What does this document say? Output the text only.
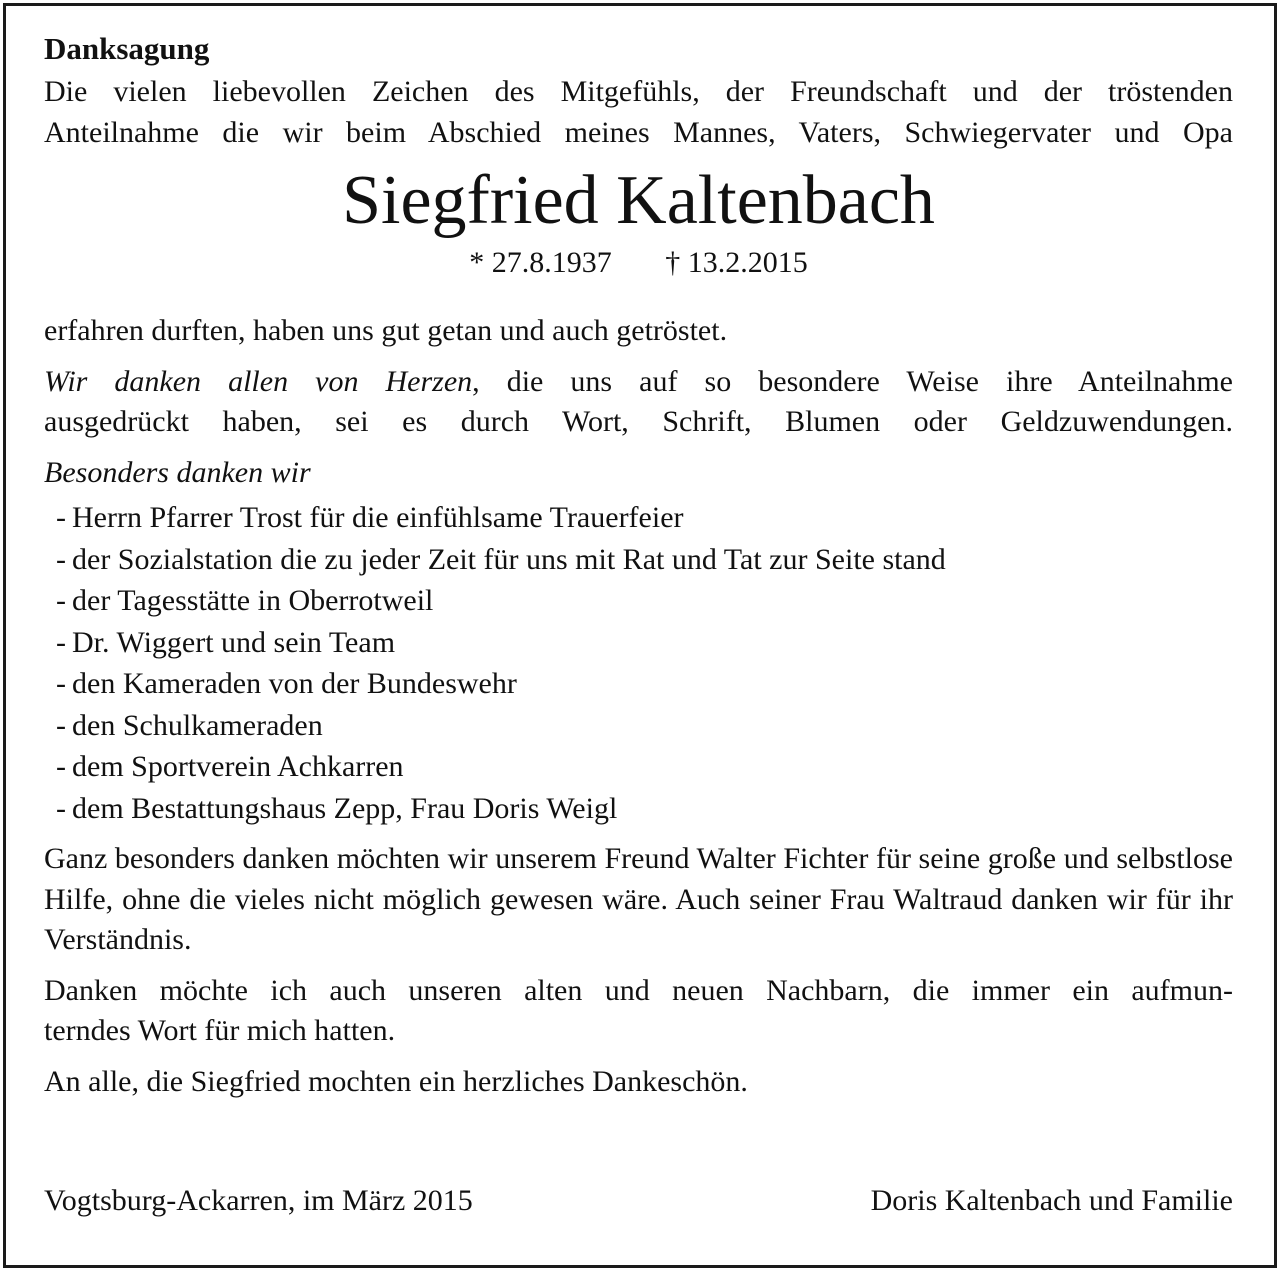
Danksagung

Die vielen liebevollen Zeichen des Mitgefühls, der Freundschaft und der tröstenden

Anteilnahme die wir beim Abschied meines Mannes, Vaters, Schwiegervater und Opa

Siegfried Kaltenbach
* 27.8.1937 † 13.2.2015

erfahren durften, haben uns gut getan und auch getröstet.

Wir danken allen von Herzen, die uns auf so besondere Weise ihre Anteilnahme

ausgedrückt haben, sei es durch Wort, Schrift, Blumen oder Geldzuwendungen.

Besonders danken wir

- Herrn Pfarrer Trost für die einfühlsame Trauerfeier
- der Sozialstation die zu jeder Zeit für uns mit Rat und Tat zur Seite stand
- der Tagesstätte in Oberrotweil
- Dr. Wiggert und sein Team
- den Kameraden von der Bundeswehr
- den Schulkameraden
- dem Sportverein Achkarren
- dem Bestattungshaus Zepp, Frau Doris Weigl

Ganz besonders danken möchten wir unserem Freund Walter Fichter für seine große und selbstlose Hilfe, ohne die vieles nicht möglich gewesen wäre. Auch seiner Frau Waltraud danken wir für ihr Verständnis.

Danken möchte ich auch unseren alten und neuen Nachbarn, die immer ein aufmun-

terndes Wort für mich hatten.

An alle, die Siegfried mochten ein herzliches Dankeschön.

Vogtsburg-Ackarren, im März 2015	Doris Kaltenbach und Familie
